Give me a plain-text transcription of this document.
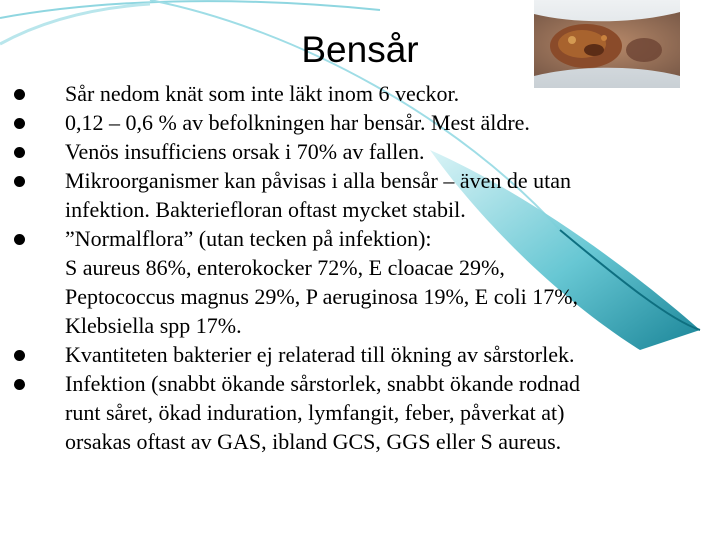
Bensår
Sår nedom knät som inte läkt inom 6 veckor.
0,12 – 0,6 % av befolkningen har bensår. Mest äldre.
Venös insufficiens orsak i 70% av fallen.
Mikroorganismer kan påvisas i alla bensår – även de utan
infektion. Bakteriefloran oftast mycket stabil.
”Normalflora” (utan tecken på infektion):
S aureus 86%, enterokocker 72%, E cloacae 29%,
Peptococcus magnus 29%, P aeruginosa 19%, E coli 17%,
Klebsiella spp 17%.
Kvantiteten bakterier ej relaterad till ökning av sårstorlek.
Infektion (snabbt ökande sårstorlek, snabbt ökande rodnad
runt såret, ökad induration, lymfangit, feber, påverkat at)
orsakas oftast av GAS, ibland GCS, GGS eller S aureus.
